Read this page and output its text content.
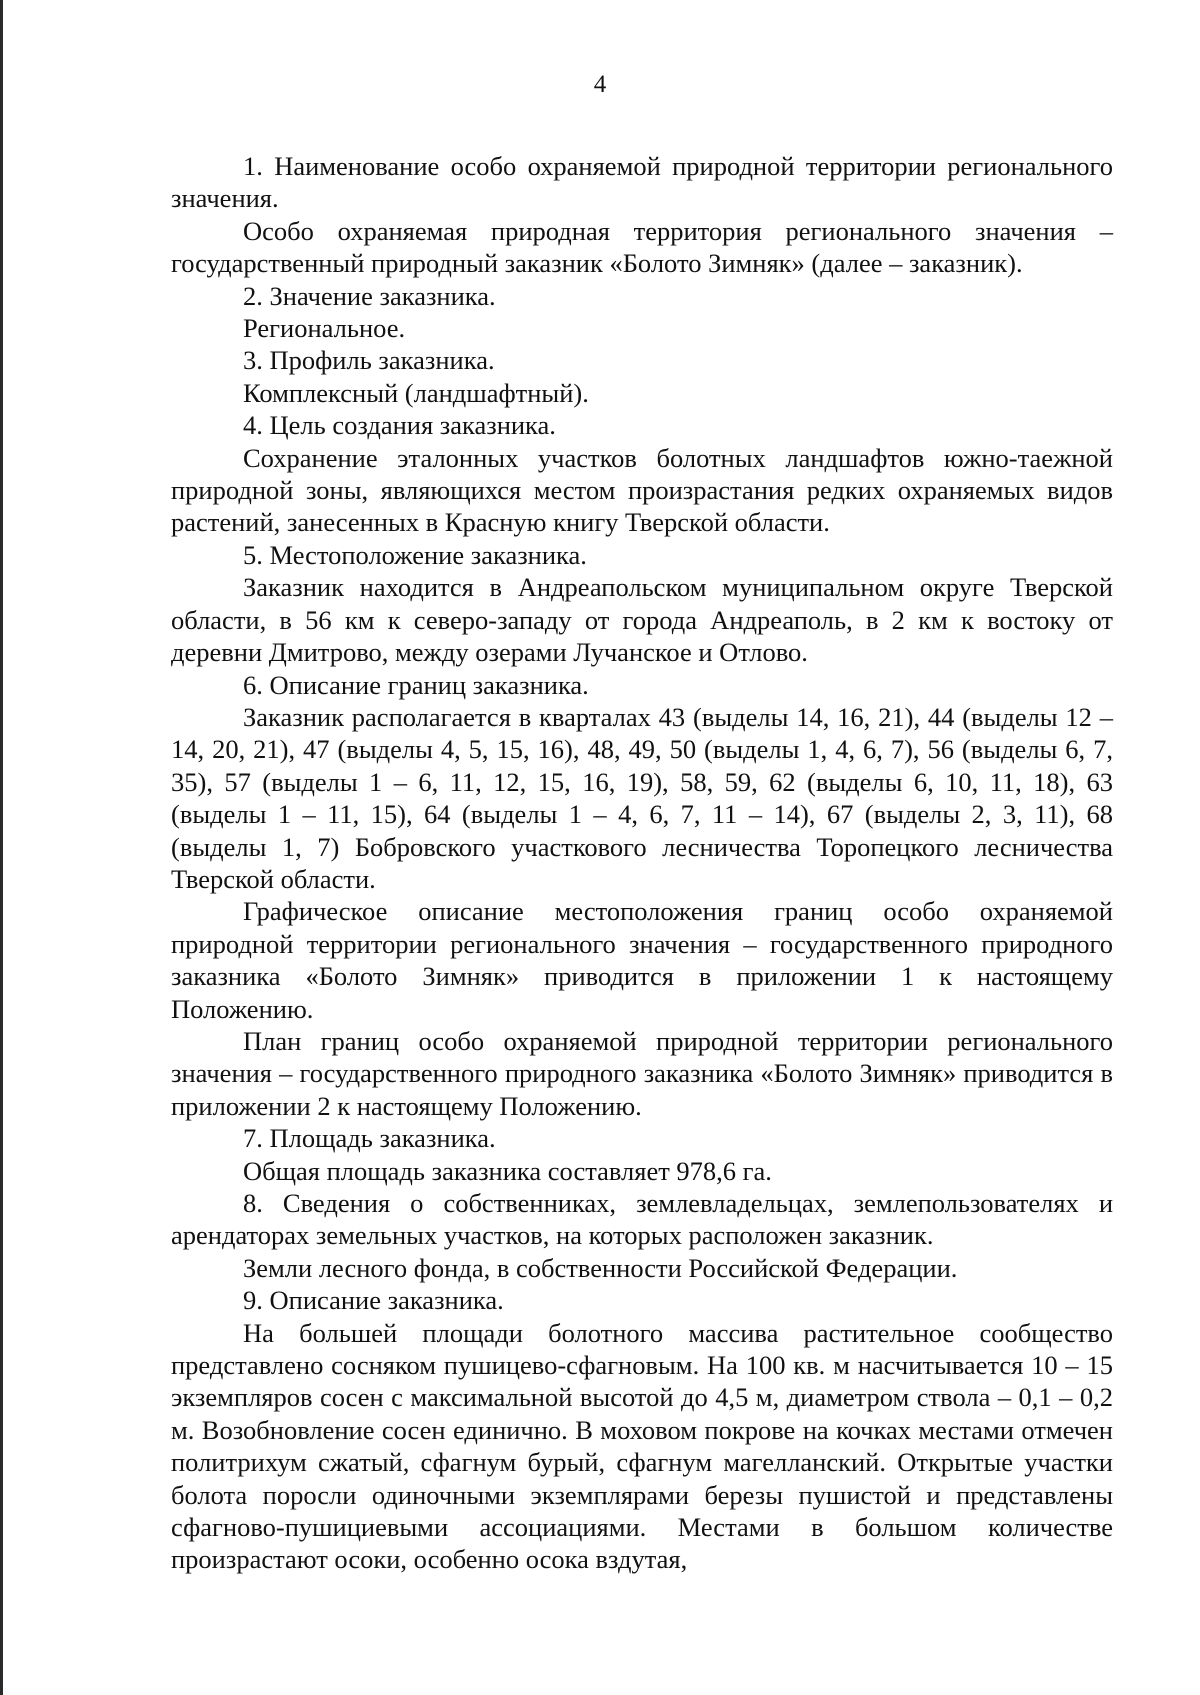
4

1. Наименование особо охраняемой природной территории регионального значения.

Особо охраняемая природная территория регионального значения – государственный природный заказник «Болото Зимняк» (далее – заказник).

2. Значение заказника.

Региональное.

3. Профиль заказника.

Комплексный (ландшафтный).

4. Цель создания заказника.

Сохранение эталонных участков болотных ландшафтов южно-таежной природной зоны, являющихся местом произрастания редких охраняемых видов растений, занесенных в Красную книгу Тверской области.

5. Местоположение заказника.

Заказник находится в Андреапольском муниципальном округе Тверской области, в 56 км к северо-западу от города Андреаполь, в 2 км к востоку от деревни Дмитрово, между озерами Лучанское и Отлово.

6. Описание границ заказника.

Заказник располагается в кварталах 43 (выделы 14, 16, 21), 44 (выделы 12 – 14, 20, 21), 47 (выделы 4, 5, 15, 16), 48, 49, 50 (выделы 1, 4, 6, 7), 56 (выделы 6, 7, 35), 57 (выделы 1 – 6, 11, 12, 15, 16, 19), 58, 59, 62 (выделы 6, 10, 11, 18), 63 (выделы 1 – 11, 15), 64 (выделы 1 – 4, 6, 7, 11 – 14), 67 (выделы 2, 3, 11), 68 (выделы 1, 7) Бобровского участкового лесничества Торопецкого лесничества Тверской области.

Графическое описание местоположения границ особо охраняемой природной территории регионального значения – государственного природного заказника «Болото Зимняк» приводится в приложении 1 к настоящему Положению.

План границ особо охраняемой природной территории регионального значения – государственного природного заказника «Болото Зимняк» приводится в приложении 2 к настоящему Положению.

7. Площадь заказника.

Общая площадь заказника составляет 978,6 га.

8. Сведения о собственниках, землевладельцах, землепользователях и арендаторах земельных участков, на которых расположен заказник.

Земли лесного фонда, в собственности Российской Федерации.

9. Описание заказника.

На большей площади болотного массива растительное сообщество представлено сосняком пушицево-сфагновым. На 100 кв. м насчитывается 10 – 15 экземпляров сосен с максимальной высотой до 4,5 м, диаметром ствола – 0,1 – 0,2 м. Возобновление сосен единично. В моховом покрове на кочках местами отмечен политрихум сжатый, сфагнум бурый, сфагнум магелланский. Открытые участки болота поросли одиночными экземплярами березы пушистой и представлены сфагново-пушициевыми ассоциациями. Местами в большом количестве произрастают осоки, особенно осока вздутая,
